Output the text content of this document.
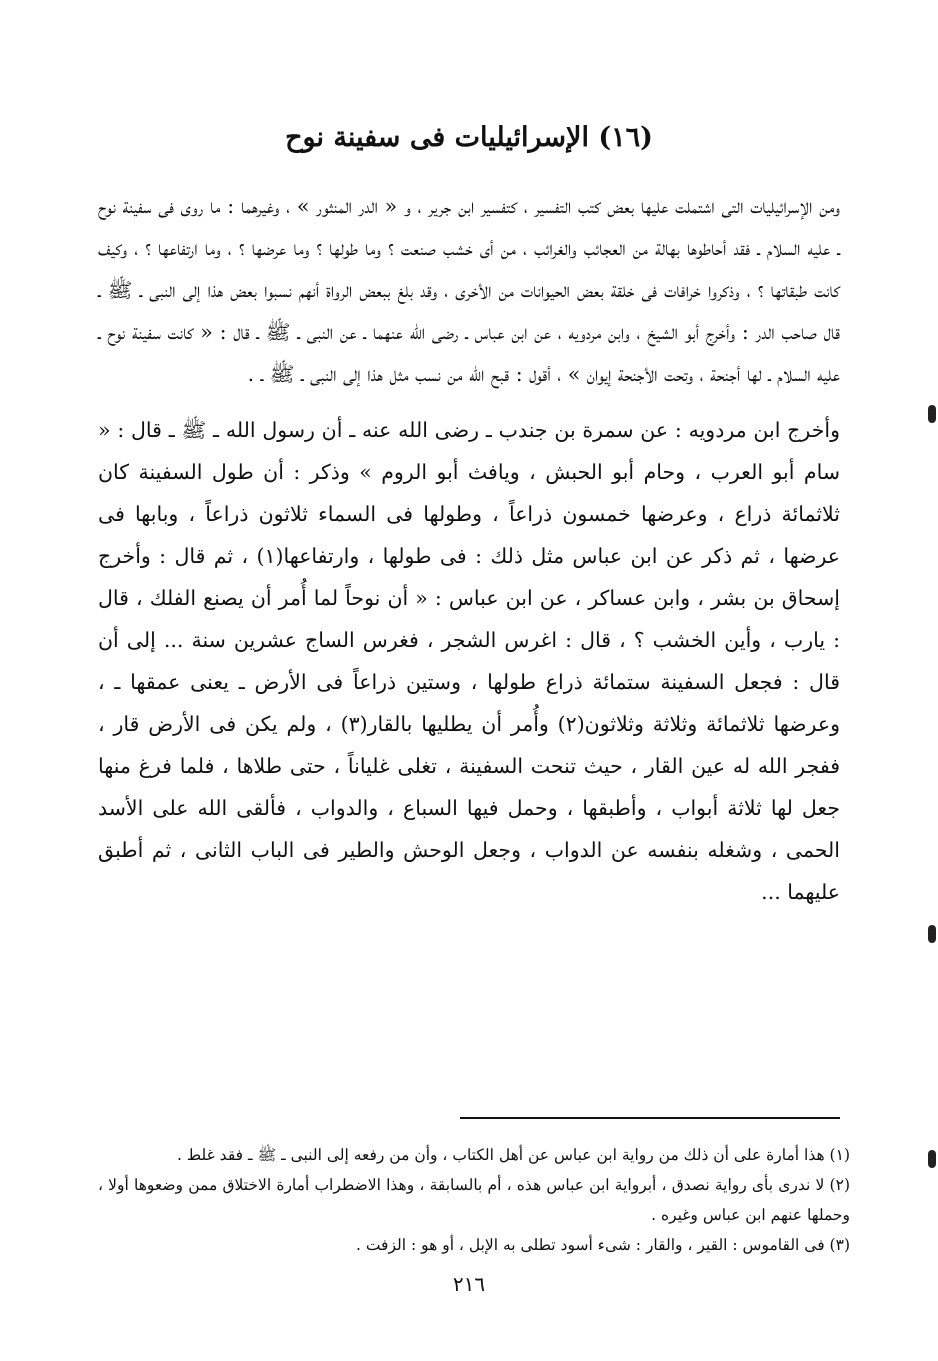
(١٦) الإسرائيليات فى سفينة نوح

ومن الإسرائيليات التى اشتملت عليها بعض كتب التفسير ، كتفسير ابن جرير ، و « الدر المنثور » ، وغيرهما : ما روى فى سفينة نوح ـ عليه السلام ـ فقد أحاطوها بهالة من العجائب والغرائب ، من أى خشب صنعت ؟ وما طولها ؟ وما عرضها ؟ ، وما ارتفاعها ؟ ، وكيف كانت طبقاتها ؟ ، وذكروا خرافات فى خلقة بعض الحيوانات من الأخرى ، وقد بلغ ببعض الرواة أنهم نسبوا بعض هذا إلى النبى ـ ﷺ ـ قال صاحب الدر : وأخرج أبو الشيخ ، وابن مردويه ، عن ابن عباس ـ رضى الله عنهما ـ عن النبى ـ ﷺ ـ قال : « كانت سفينة نوح ـ عليه السلام ـ لها أجنحة ، وتحت الأجنحة إيوان » ، أقول : قبح الله من نسب مثل هذا إلى النبى ـ ﷺ ـ .

وأخرج ابن مردويه : عن سمرة بن جندب ـ رضى الله عنه ـ أن رسول الله ـ ﷺ ـ قال : « سام أبو العرب ، وحام أبو الحبش ، ويافث أبو الروم » وذكر : أن طول السفينة كان ثلاثمائة ذراع ، وعرضها خمسون ذراعاً ، وطولها فى السماء ثلاثون ذراعاً ، وبابها فى عرضها ، ثم ذكر عن ابن عباس مثل ذلك : فى طولها ، وارتفاعها(١) ، ثم قال : وأخرج إسحاق بن بشر ، وابن عساكر ، عن ابن عباس : « أن نوحاً لما أُمر أن يصنع الفلك ، قال : يارب ، وأين الخشب ؟ ، قال : اغرس الشجر ، فغرس الساج عشرين سنة ... إلى أن قال : فجعل السفينة ستمائة ذراع طولها ، وستين ذراعاً فى الأرض ـ يعنى عمقها ـ ، وعرضها ثلاثمائة وثلاثة وثلاثون(٢) وأُمر أن يطليها بالقار(٣) ، ولم يكن فى الأرض قار ، ففجر الله له عين القار ، حيث تنحت السفينة ، تغلى غلياناً ، حتى طلاها ، فلما فرغ منها جعل لها ثلاثة أبواب ، وأطبقها ، وحمل فيها السباع ، والدواب ، فألقى الله على الأسد الحمى ، وشغله بنفسه عن الدواب ، وجعل الوحش والطير فى الباب الثانى ، ثم أطبق عليهما ...

(١) هذا أمارة على أن ذلك من رواية ابن عباس عن أهل الكتاب ، وأن من رفعه إلى النبى ـ ﷺ ـ فقد غلط .

(٢) لا ندرى بأى رواية نصدق ، أبرواية ابن عباس هذه ، أم بالسابقة ، وهذا الاضطراب أمارة الاختلاق ممن وضعوها أولا ، وحملها عنهم ابن عباس وغيره .

(٣) فى القاموس : القير ، والقار : شىء أسود تطلى به الإبل ، أو هو : الزفت .

٢١٦
